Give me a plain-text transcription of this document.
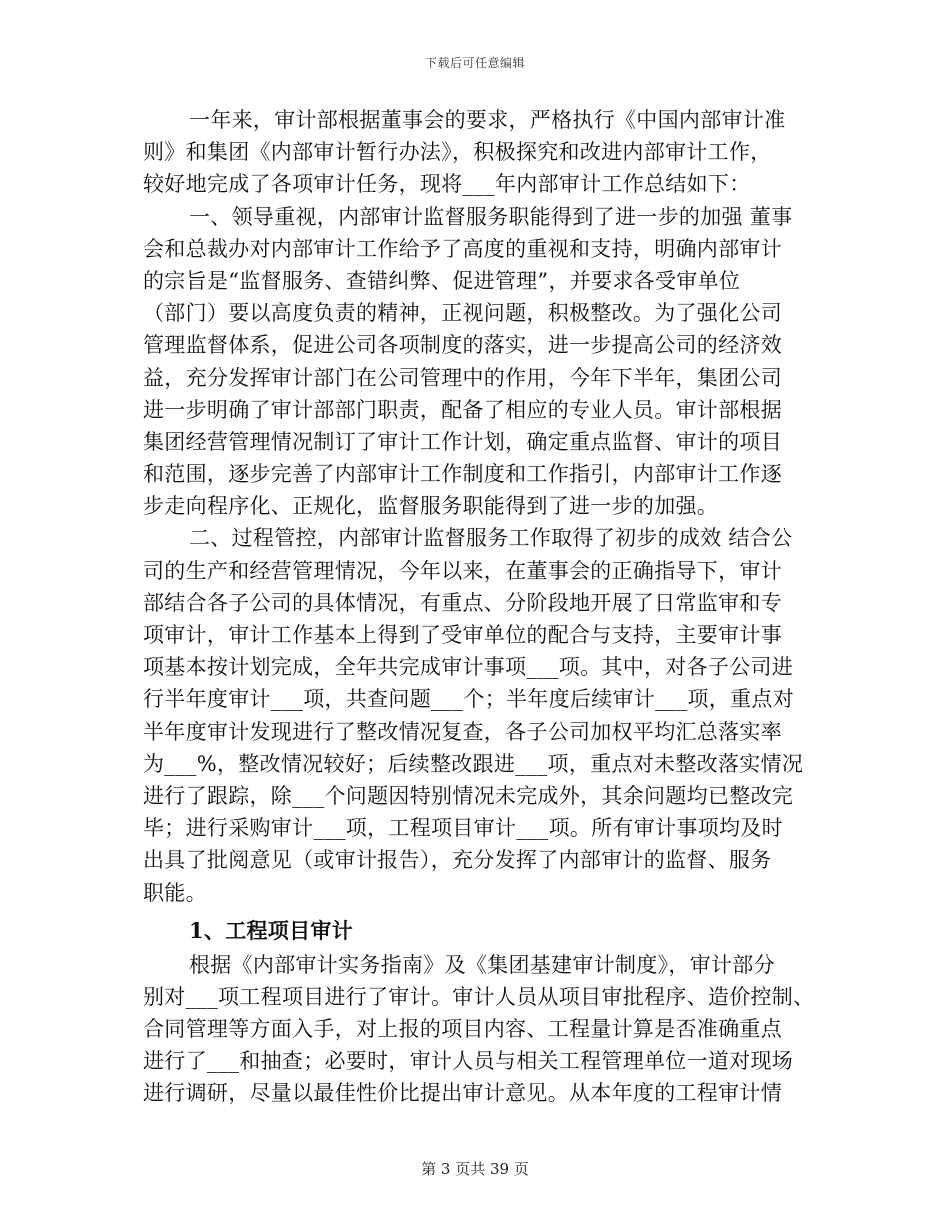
下载后可任意编辑
一年来，审计部根据董事会的要求，严格执行《中国内部审计准
则》和集团《内部审计暂行办法》，积极探究和改进内部审计工作，
较好地完成了各项审计任务，现将___年内部审计工作总结如下：
一、领导重视，内部审计监督服务职能得到了进一步的加强 董事
会和总裁办对内部审计工作给予了高度的重视和支持，明确内部审计
的宗旨是“监督服务、查错纠弊、促进管理”，并要求各受审单位
（部门）要以高度负责的精神，正视问题，积极整改。为了强化公司
管理监督体系，促进公司各项制度的落实，进一步提高公司的经济效
益，充分发挥审计部门在公司管理中的作用，今年下半年，集团公司
进一步明确了审计部部门职责，配备了相应的专业人员。审计部根据
集团经营管理情况制订了审计工作计划，确定重点监督、审计的项目
和范围，逐步完善了内部审计工作制度和工作指引，内部审计工作逐
步走向程序化、正规化，监督服务职能得到了进一步的加强。
二、过程管控，内部审计监督服务工作取得了初步的成效 结合公
司的生产和经营管理情况，今年以来，在董事会的正确指导下，审计
部结合各子公司的具体情况，有重点、分阶段地开展了日常监审和专
项审计，审计工作基本上得到了受审单位的配合与支持，主要审计事
项基本按计划完成，全年共完成审计事项___项。其中，对各子公司进
行半年度审计___项，共查问题___个；半年度后续审计___项，重点对
半年度审计发现进行了整改情况复查，各子公司加权平均汇总落实率
为___%，整改情况较好；后续整改跟进___项，重点对未整改落实情况
进行了跟踪，除___个问题因特别情况未完成外，其余问题均已整改完
毕；进行采购审计___项，工程项目审计___项。所有审计事项均及时
出具了批阅意见（或审计报告），充分发挥了内部审计的监督、服务
职能。
1、工程项目审计
根据《内部审计实务指南》及《集团基建审计制度》，审计部分
别对___项工程项目进行了审计。审计人员从项目审批程序、造价控制、
合同管理等方面入手，对上报的项目内容、工程量计算是否准确重点
进行了___和抽查；必要时，审计人员与相关工程管理单位一道对现场
进行调研，尽量以最佳性价比提出审计意见。从本年度的工程审计情
第 3 页共 39 页
